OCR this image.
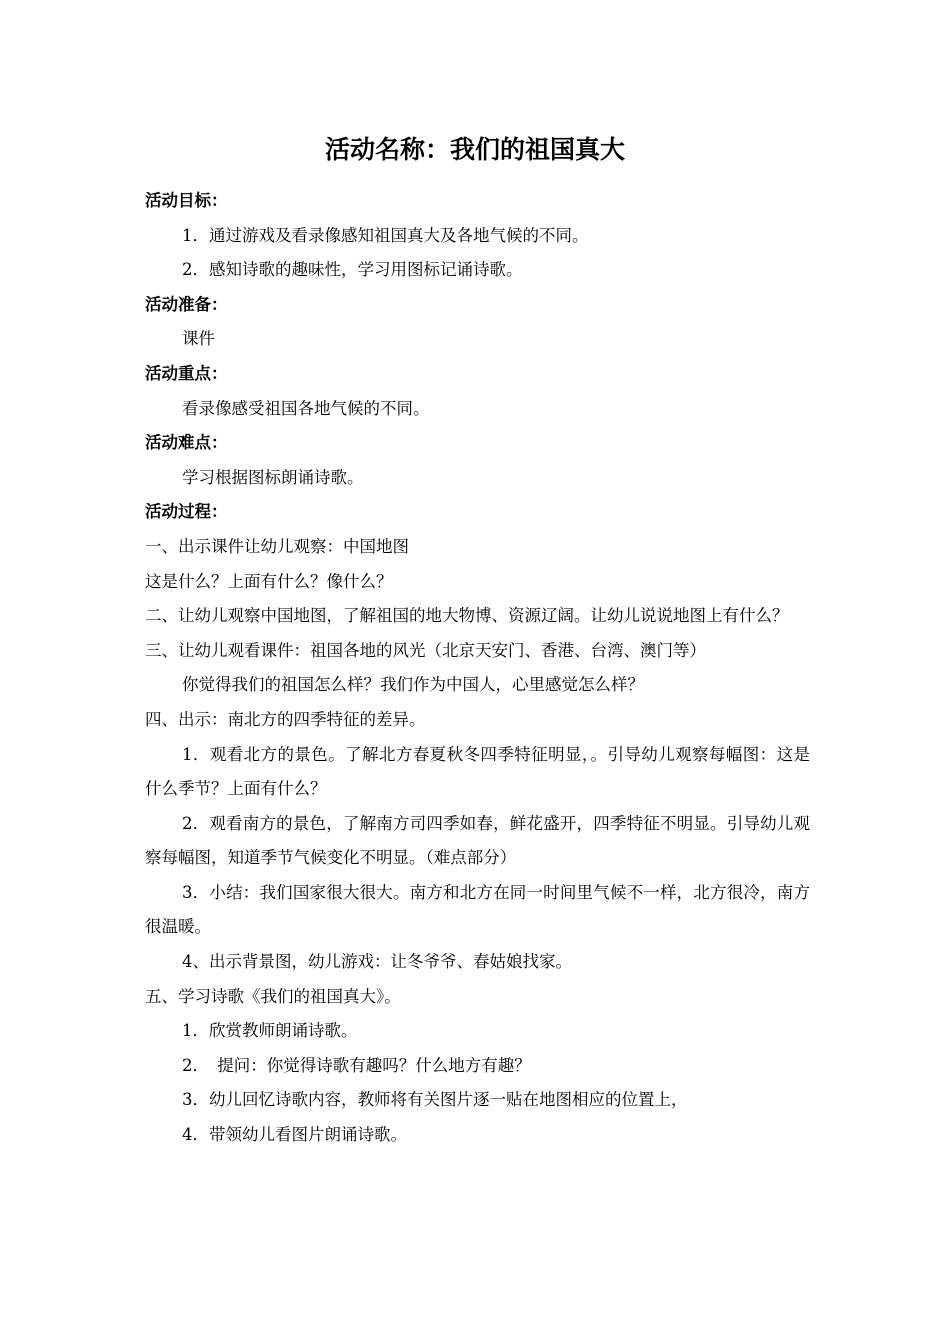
活动名称：我们的祖国真大

活动目标：

1．通过游戏及看录像感知祖国真大及各地气候的不同。

2．感知诗歌的趣味性，学习用图标记诵诗歌。

活动准备：

课件

活动重点：

看录像感受祖国各地气候的不同。

活动难点：

学习根据图标朗诵诗歌。

活动过程：

一、出示课件让幼儿观察：中国地图

这是什么？上面有什么？像什么？

二、让幼儿观察中国地图，了解祖国的地大物博、资源辽阔。让幼儿说说地图上有什么？

三、让幼儿观看课件：祖国各地的风光（北京天安门、香港、台湾、澳门等）

你觉得我们的祖国怎么样？我们作为中国人，心里感觉怎么样？

四、出示：南北方的四季特征的差异。

1．观看北方的景色。了解北方春夏秋冬四季特征明显，。引导幼儿观察每幅图：这是什么季节？上面有什么？

2．观看南方的景色，了解南方司四季如春，鲜花盛开，四季特征不明显。引导幼儿观察每幅图，知道季节气候变化不明显。（难点部分）

3．小结：我们国家很大很大。南方和北方在同一时间里气候不一样，北方很冷，南方很温暖。

4、出示背景图，幼儿游戏：让冬爷爷、春姑娘找家。

五、学习诗歌《我们的祖国真大》。

1．欣赏教师朗诵诗歌。

2．　提问：你觉得诗歌有趣吗？什么地方有趣？

3．幼儿回忆诗歌内容，教师将有关图片逐一贴在地图相应的位置上，

4．带领幼儿看图片朗诵诗歌。
